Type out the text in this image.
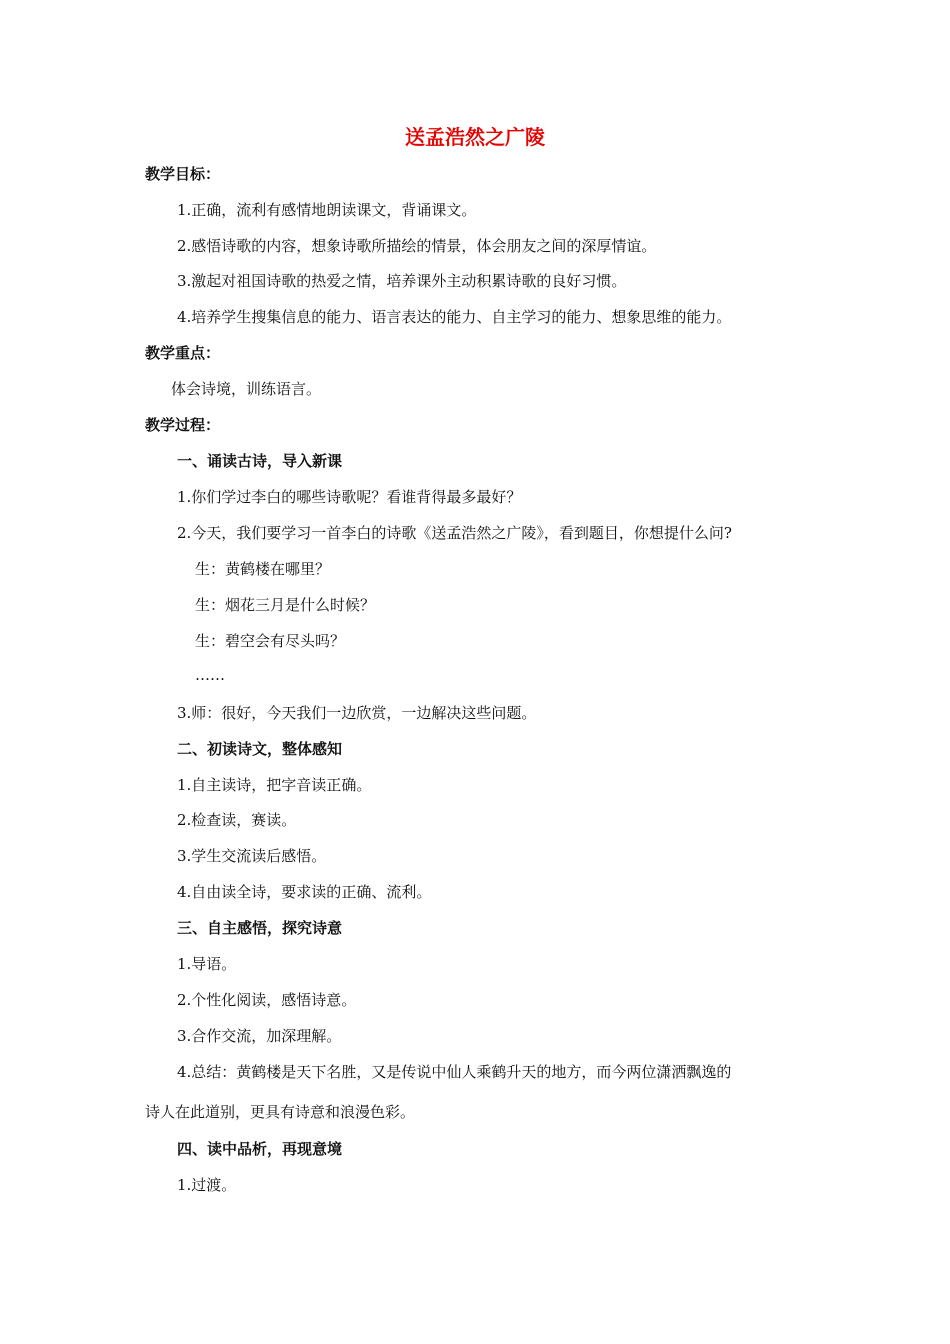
送孟浩然之广陵

教学目标：

1.正确，流利有感情地朗读课文，背诵课文。

2.感悟诗歌的内容，想象诗歌所描绘的情景，体会朋友之间的深厚情谊。

3.激起对祖国诗歌的热爱之情，培养课外主动积累诗歌的良好习惯。

4.培养学生搜集信息的能力、语言表达的能力、自主学习的能力、想象思维的能力。

教学重点：

体会诗境，训练语言。

教学过程：

一、诵读古诗，导入新课

1.你们学过李白的哪些诗歌呢？看谁背得最多最好？

2.今天，我们要学习一首李白的诗歌《送孟浩然之广陵》，看到题目，你想提什么问?

生：黄鹤楼在哪里？

生：烟花三月是什么时候？

生：碧空会有尽头吗？

……

3.师：很好，今天我们一边欣赏，一边解决这些问题。

二、初读诗文，整体感知

1.自主读诗，把字音读正确。

2.检查读，赛读。

3.学生交流读后感悟。

4.自由读全诗，要求读的正确、流利。

三、自主感悟，探究诗意

1.导语。

2.个性化阅读，感悟诗意。

3.合作交流，加深理解。

4.总结：黄鹤楼是天下名胜，又是传说中仙人乘鹤升天的地方，而今两位潇洒飘逸的

诗人在此道别，更具有诗意和浪漫色彩。

四、读中品析，再现意境

1.过渡。
